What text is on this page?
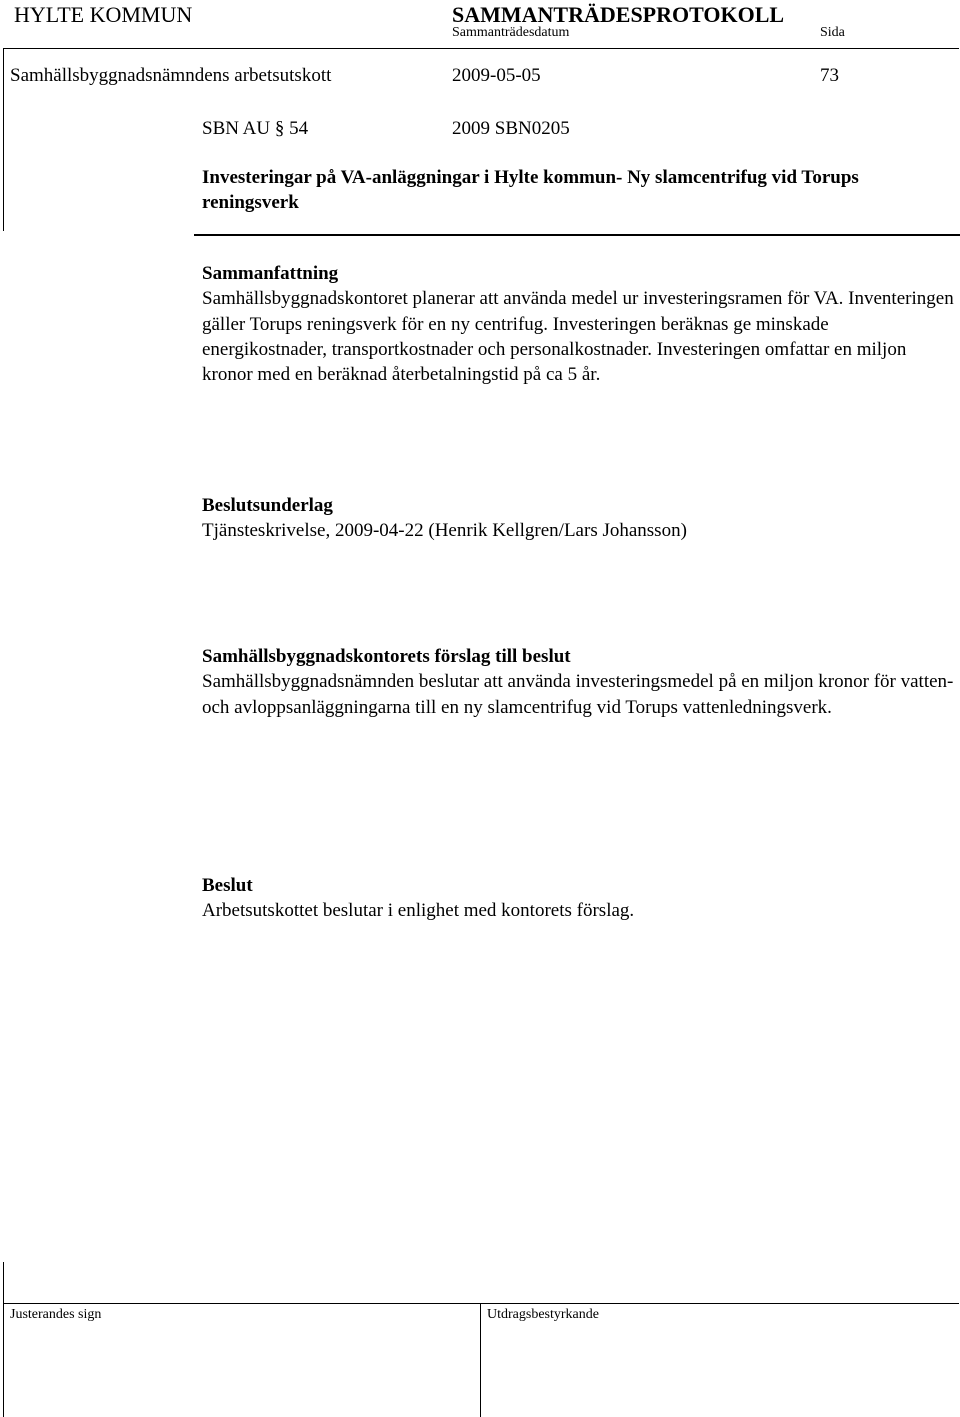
HYLTE KOMMUN	SAMMANTRÄDESPROTOKOLL
Sammanträdesdatum	Sida
Samhällsbyggnadsnämndens arbetsutskott	2009-05-05	73
SBN AU § 54	2009 SBN0205
Investeringar på VA-anläggningar i Hylte kommun- Ny slamcentrifug vid Torups reningsverk

Sammanfattning

Samhällsbyggnadskontoret planerar att använda medel ur investeringsramen för VA. Inventeringen gäller Torups reningsverk för en ny centrifug. Investeringen beräknas ge minskade energikostnader, transportkostnader och personalkostnader. Investeringen omfattar en miljon kronor med en beräknad återbetalningstid på ca 5 år.

Beslutsunderlag

Tjänsteskrivelse, 2009-04-22 (Henrik Kellgren/Lars Johansson)

Samhällsbyggnadskontorets förslag till beslut

Samhällsbyggnadsnämnden beslutar att använda investeringsmedel på en miljon kronor för vatten- och avloppsanläggningarna till en ny slamcentrifug vid Torups vattenledningsverk.

Beslut

Arbetsutskottet beslutar i enlighet med kontorets förslag.

Justerandes sign	Utdragsbestyrkande
